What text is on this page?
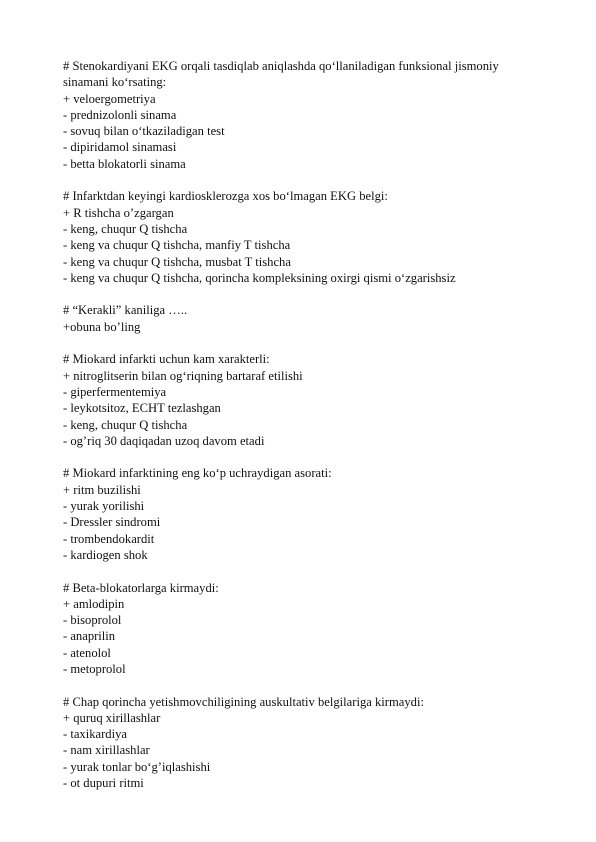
# Stenokardiyani EKG orqali tasdiqlab aniqlashda qo‘llaniladigan funksional jismoniy sinamani ko‘rsating:
+ veloergometriya
- prednizolonli sinama
- sovuq bilan o‘tkaziladigan test
- dipiridamol sinamasi
- betta blokatorli sinama
# Infarktdan keyingi kardiosklerozga xos bo‘lmagan EKG belgi:
+ R tishcha o’zgargan
- keng, chuqur Q tishcha
- keng va chuqur Q tishcha, manfiy T tishcha
- keng va chuqur Q tishcha, musbat T tishcha
- keng va chuqur Q tishcha, qorincha kompleksining oxirgi qismi o‘zgarishsiz
# “Kerakli” kaniliga …..
+obuna bo’ling
# Miokard infarkti uchun kam xarakterli:
+ nitroglitserin bilan og‘riqning bartaraf etilishi
- giperfermentemiya
- leykotsitoz, ECHT tezlashgan
- keng, chuqur Q tishcha
- og’riq 30 daqiqadan uzoq davom etadi
# Miokard infarktining eng ko‘p uchraydigan asorati:
+ ritm buzilishi
- yurak yorilishi
- Dressler sindromi
- trombendokardit
- kardiogen shok
# Beta-blokatorlarga kirmaydi:
+ amlodipin
- bisoprolol
- anaprilin
- atenolol
- metoprolol
# Chap qorincha yetishmovchiligining auskultativ belgilariga kirmaydi:
+ quruq xirillashlar
- taxikardiya
- nam xirillashlar
- yurak tonlar bo‘g’iqlashishi
- ot dupuri ritmi
